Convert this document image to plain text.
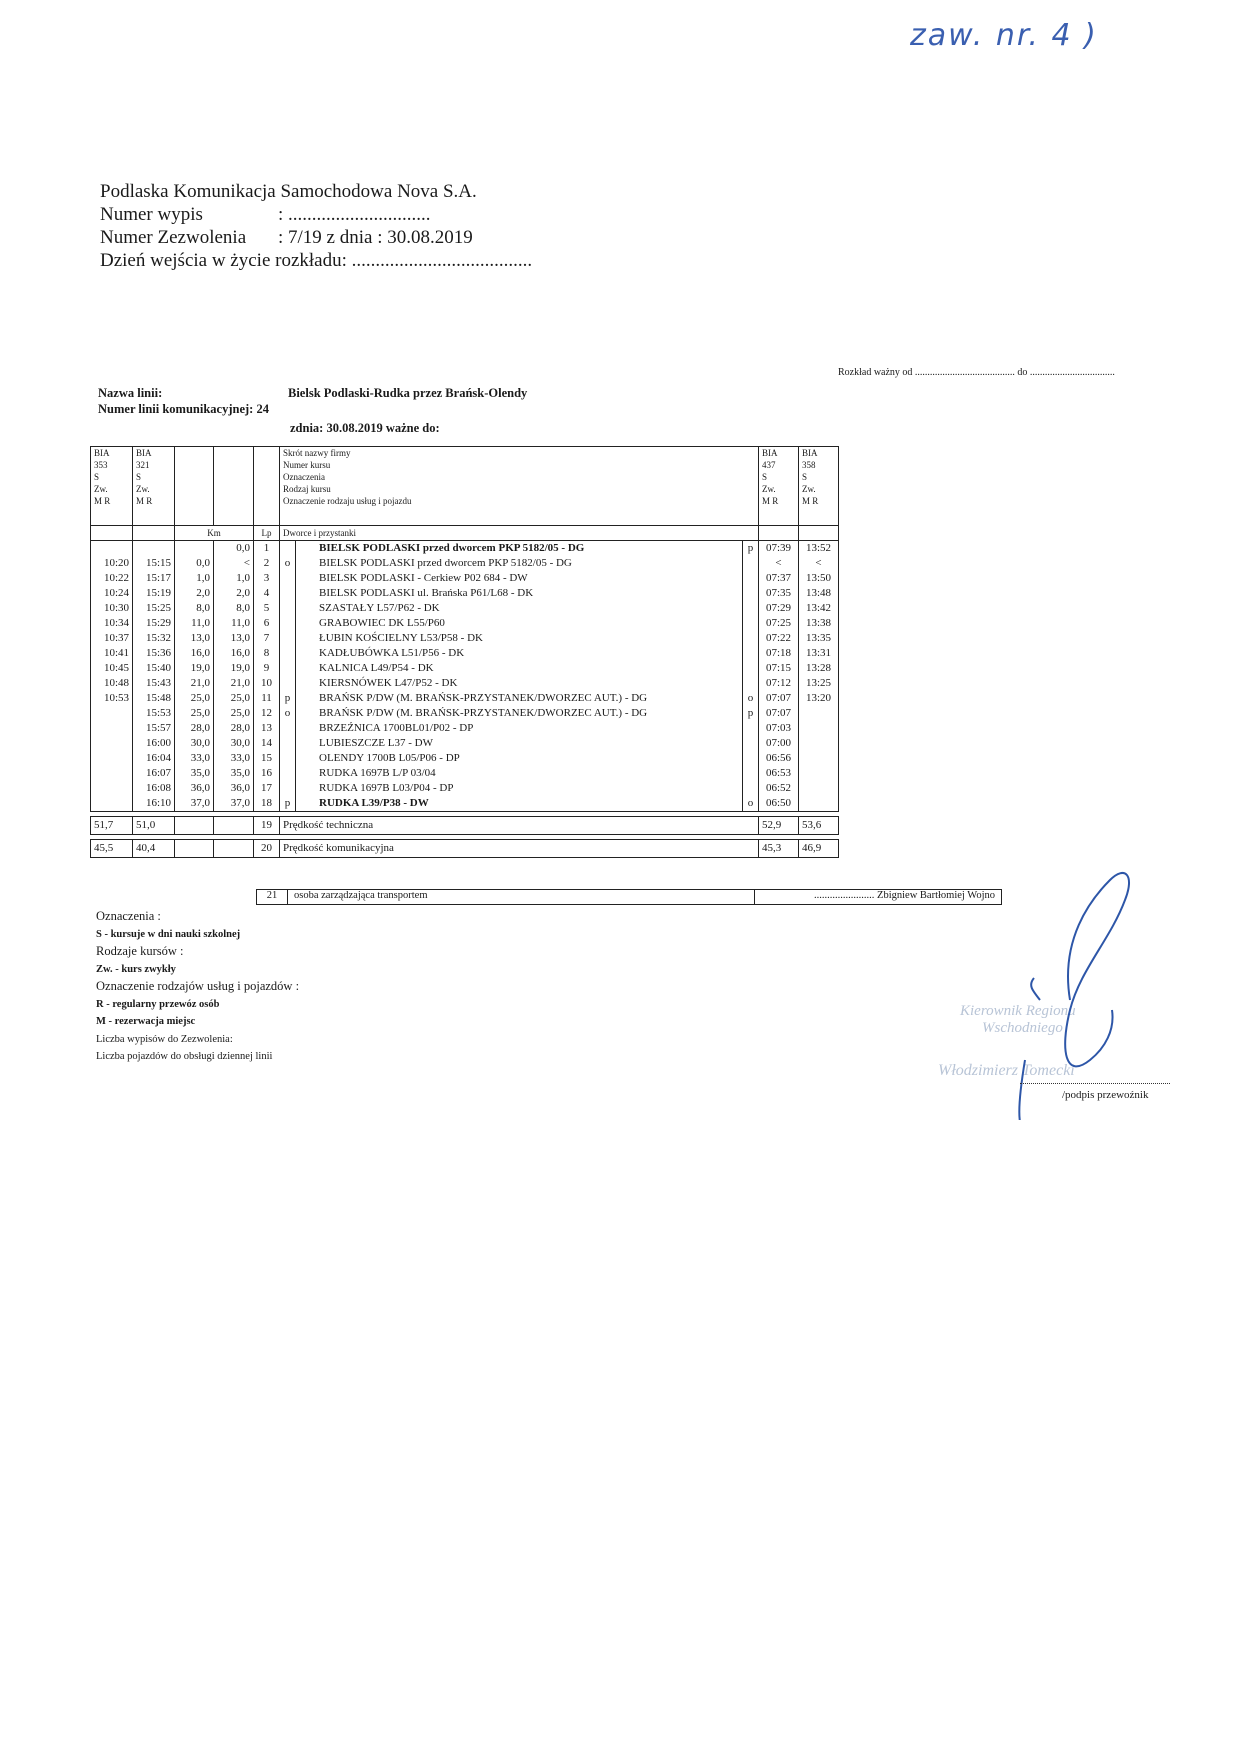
zaw. nr. 4 )
Podlaska Komunikacja Samochodowa Nova S.A.
Numer wypis	: ..............................
Numer Zezwolenia : 7/19 z dnia : 30.08.2019
Dzień wejścia w życie rozkładu: ......................................
Rozkład ważny od ........................................ do ..................................
Nazwa linii:	Bielsk Podlaski-Rudka przez Brańsk-Olendy
Numer linii komunikacyjnej: 24
zdnia: 30.08.2019 ważne do:
BIA
353
S
Zw.
M R	BIA
321
S
Zw.
M R				Skrót nazwy firmy
Numer kursu
Oznaczenia
Rodzaj kursu
Oznaczenie rodzaju usług i pojazdu			BIA
437
S
Zw.
M R	BIA
358
S
Zw.
M R

		Km		Lp	Dworce i przystanki				
			0,0	1		BIELSK PODLASKI przed dworcem PKP 5182/05 - DG	p	07:39	13:52
10:20	15:15	0,0	<	2	o	BIELSK PODLASKI przed dworcem PKP 5182/05 - DG		<	<
10:22	15:17	1,0	1,0	3		BIELSK PODLASKI - Cerkiew P02 684 - DW		07:37	13:50
10:24	15:19	2,0	2,0	4		BIELSK PODLASKI ul. Brańska P61/L68 - DK		07:35	13:48
10:30	15:25	8,0	8,0	5		SZASTAŁY L57/P62 - DK		07:29	13:42
10:34	15:29	11,0	11,0	6		GRABOWIEC DK L55/P60		07:25	13:38
10:37	15:32	13,0	13,0	7		ŁUBIN KOŚCIELNY L53/P58 - DK		07:22	13:35
10:41	15:36	16,0	16,0	8		KADŁUBÓWKA L51/P56 - DK		07:18	13:31
10:45	15:40	19,0	19,0	9		KALNICA L49/P54 - DK		07:15	13:28
10:48	15:43	21,0	21,0	10		KIERSNÓWEK L47/P52 - DK		07:12	13:25
10:53	15:48	25,0	25,0	11	p	BRAŃSK P/DW (M. BRAŃSK-PRZYSTANEK/DWORZEC AUT.) - DG	o	07:07	13:20
	15:53	25,0	25,0	12	o	BRAŃSK P/DW (M. BRAŃSK-PRZYSTANEK/DWORZEC AUT.) - DG	p	07:07	
	15:57	28,0	28,0	13		BRZEŹNICA 1700BL01/P02 - DP		07:03	
	16:00	30,0	30,0	14		LUBIESZCZE L37 - DW		07:00	
	16:04	33,0	33,0	15		OLENDY 1700B L05/P06 - DP		06:56	
	16:07	35,0	35,0	16		RUDKA 1697B L/P 03/04		06:53	
	16:08	36,0	36,0	17		RUDKA 1697B L03/P04 - DP		06:52	
	16:10	37,0	37,0	18	p	RUDKA L39/P38 - DW	o	06:50	

51,7	51,0			19	Prędkość techniczna			52,9	53,6

45,5	40,4			20	Prędkość komunikacyjna			45,3	46,9
21	osoba zarządzająca transportem	....................... Zbigniew Bartłomiej Wojno
Oznaczenia :
S - kursuje w dni nauki szkolnej
Rodzaje kursów :
Zw. - kurs zwykły
Oznaczenie rodzajów usług i pojazdów :
R - regularny przewóz osób
M - rezerwacja miejsc
Liczba wypisów do Zezwolenia:
Liczba pojazdów do obsługi dziennej linii
Kierownik Regionu
Wschodniego
Włodzimierz Tomecki
/podpis przewoźnik
